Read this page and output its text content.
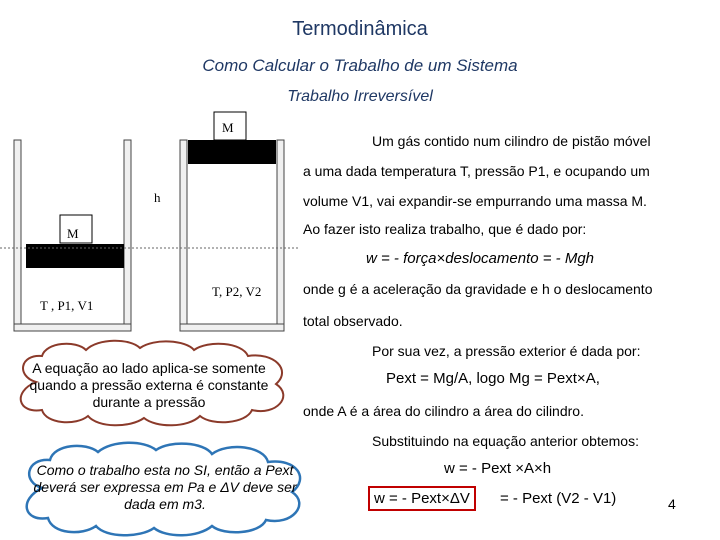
Termodinâmica
Como Calcular o Trabalho de um Sistema
Trabalho Irreversível
M
M
h
T , P1, V1
T, P2, V2
Um gás contido num cilindro de pistão móvel
a uma dada temperatura T, pressão P1, e ocupando um
volume V1, vai expandir-se empurrando uma massa M.
Ao fazer isto realiza trabalho, que é dado por:
w = - força×deslocamento = - Mgh
onde g é a aceleração da gravidade e h o deslocamento
total observado.
Por sua vez, a pressão exterior é dada por:
Pext = Mg/A, logo Mg = Pext×A,
onde A é a área do cilindro a área do cilindro.
Substituindo na equação anterior obtemos:
w = - Pext ×A×h
w = - Pext×ΔV	= - Pext (V2 - V1)	4
A equação ao lado aplica-se somente quando a pressão externa é constante durante a pressão
Como o trabalho esta no SI, então a Pext deverá ser expressa em Pa e ΔV deve ser dada em m3.
